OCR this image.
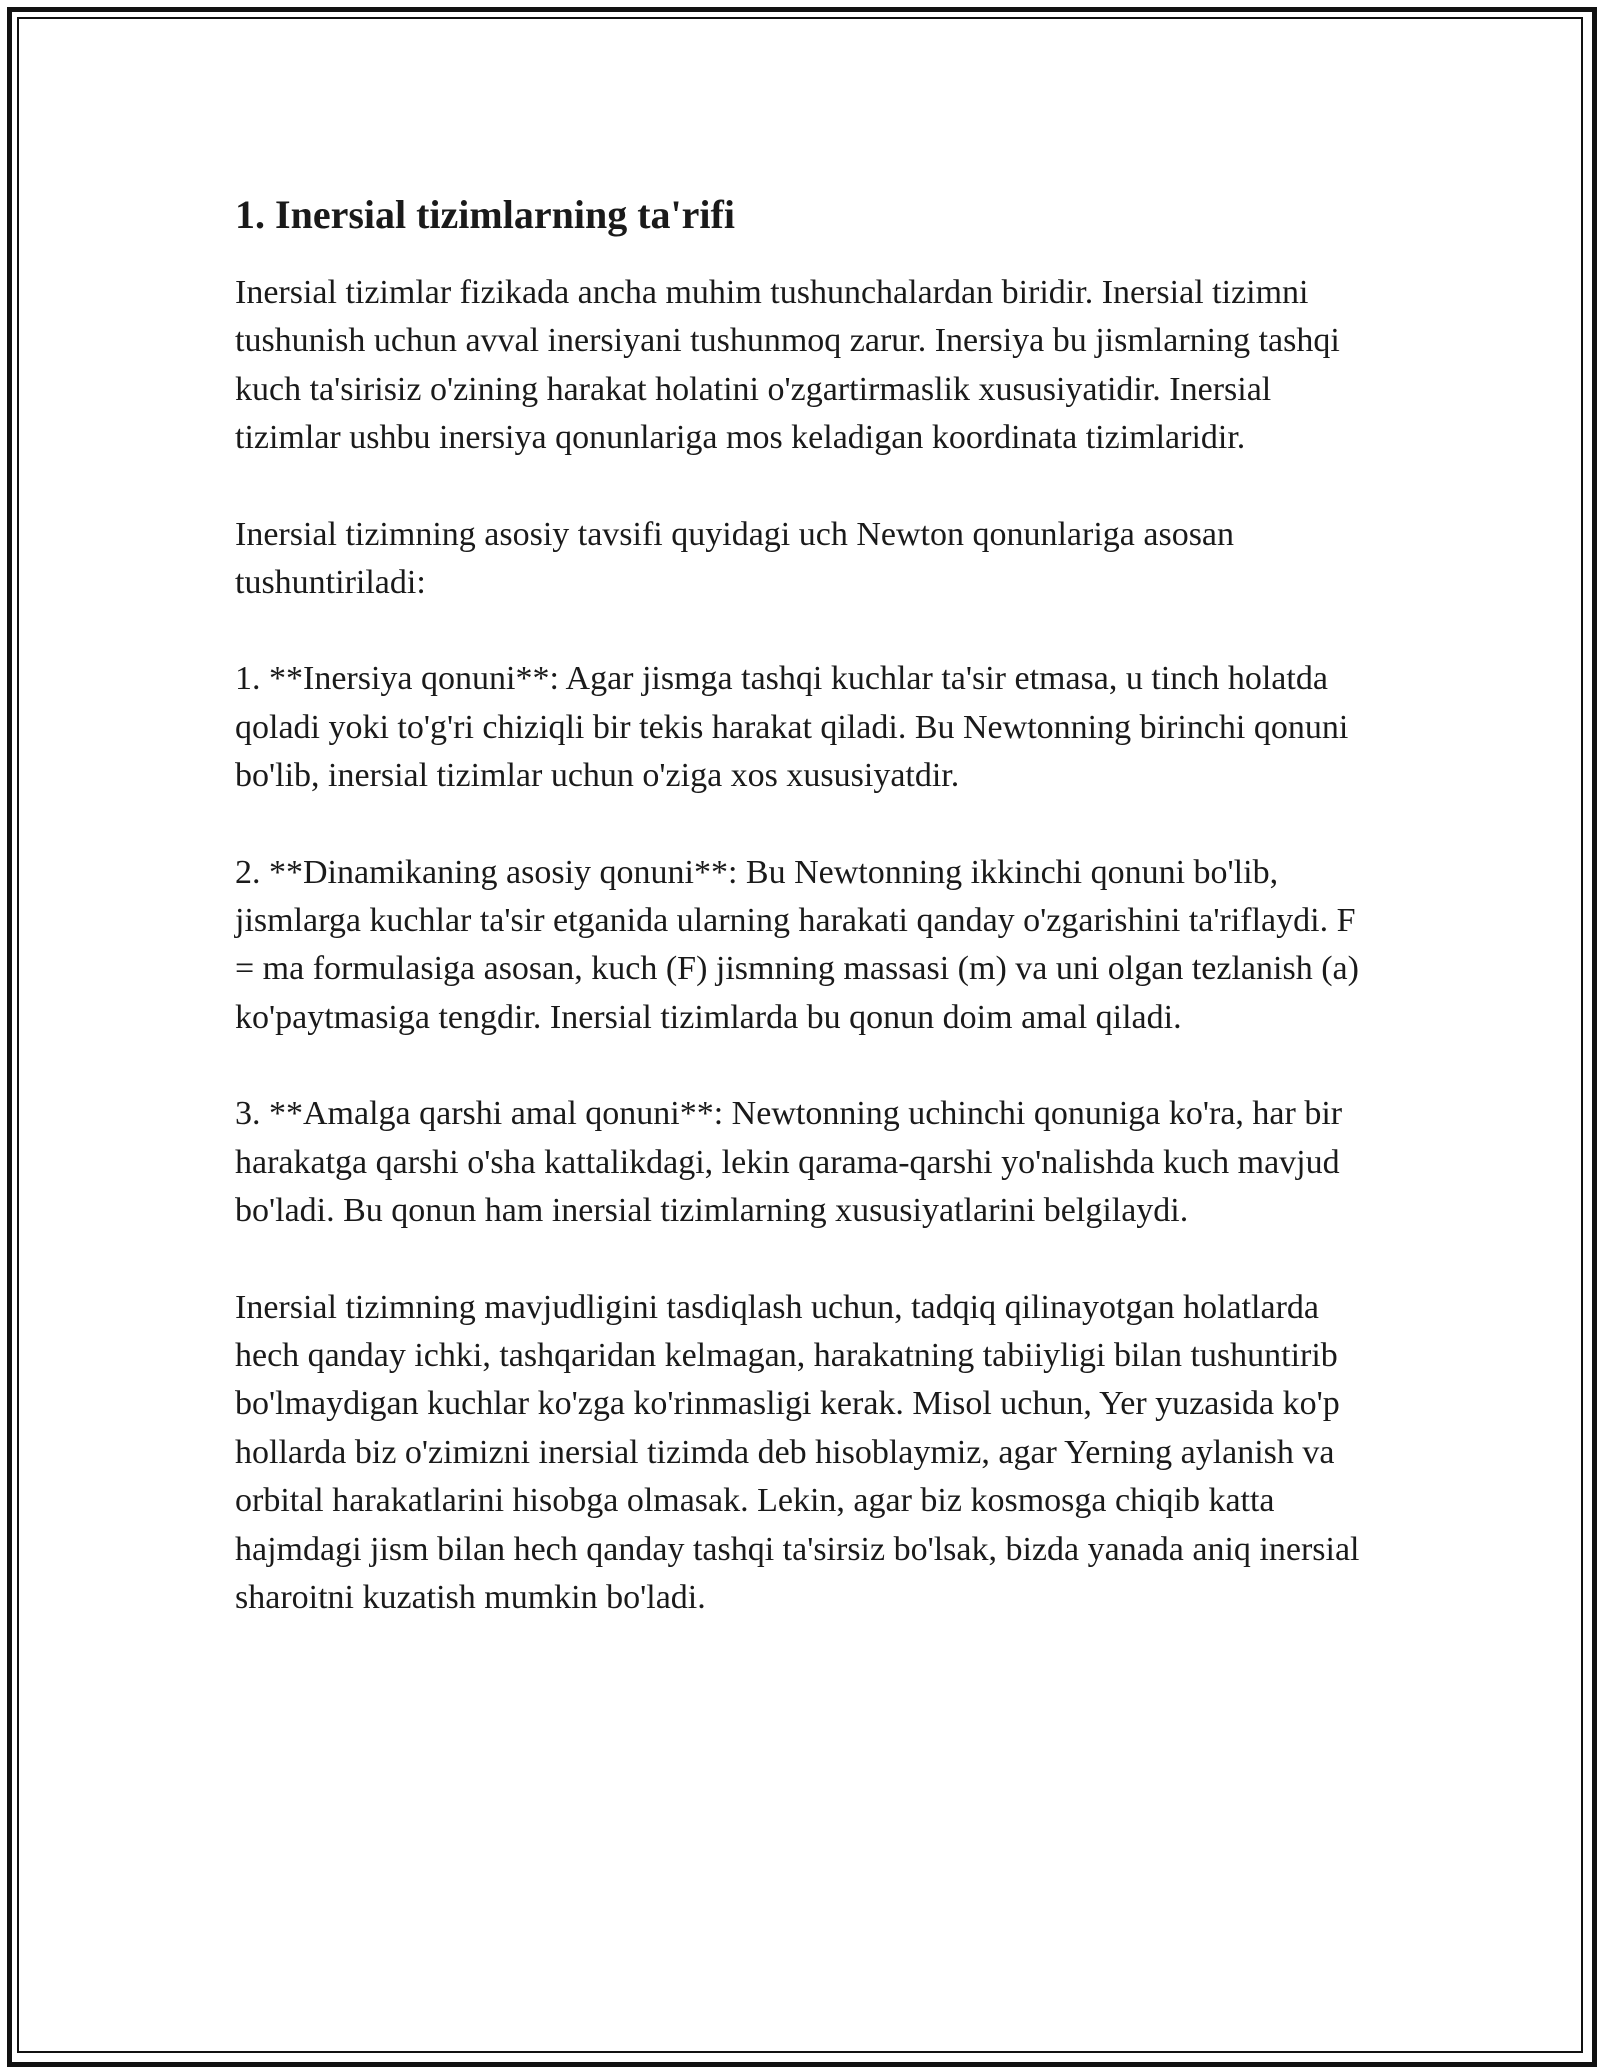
1. Inersial tizimlarning ta'rifi

Inersial tizimlar fizikada ancha muhim tushunchalardan biridir. Inersial tizimni tushunish uchun avval inersiyani tushunmoq zarur. Inersiya bu jismlarning tashqi kuch ta'sirisiz o'zining harakat holatini o'zgartirmaslik xususiyatidir. Inersial tizimlar ushbu inersiya qonunlariga mos keladigan koordinata tizimlaridir.

Inersial tizimning asosiy tavsifi quyidagi uch Newton qonunlariga asosan tushuntiriladi:

1. **Inersiya qonuni**: Agar jismga tashqi kuchlar ta'sir etmasa, u tinch holatda qoladi yoki to'g'ri chiziqli bir tekis harakat qiladi. Bu Newtonning birinchi qonuni bo'lib, inersial tizimlar uchun o'ziga xos xususiyatdir.

2. **Dinamikaning asosiy qonuni**: Bu Newtonning ikkinchi qonuni bo'lib, jismlarga kuchlar ta'sir etganida ularning harakati qanday o'zgarishini ta'riflaydi. F = ma formulasiga asosan, kuch (F) jismning massasi (m) va uni olgan tezlanish (a) ko'paytmasiga tengdir. Inersial tizimlarda bu qonun doim amal qiladi.

3. **Amalga qarshi amal qonuni**: Newtonning uchinchi qonuniga ko'ra, har bir harakatga qarshi o'sha kattalikdagi, lekin qarama-qarshi yo'nalishda kuch mavjud bo'ladi. Bu qonun ham inersial tizimlarning xususiyatlarini belgilaydi.

Inersial tizimning mavjudligini tasdiqlash uchun, tadqiq qilinayotgan holatlarda hech qanday ichki, tashqaridan kelmagan, harakatning tabiiyligi bilan tushuntirib bo'lmaydigan kuchlar ko'zga ko'rinmasligi kerak. Misol uchun, Yer yuzasida ko'p hollarda biz o'zimizni inersial tizimda deb hisoblaymiz, agar Yerning aylanish va orbital harakatlarini hisobga olmasak. Lekin, agar biz kosmosga chiqib katta hajmdagi jism bilan hech qanday tashqi ta'sirsiz bo'lsak, bizda yanada aniq inersial sharoitni kuzatish mumkin bo'ladi.
